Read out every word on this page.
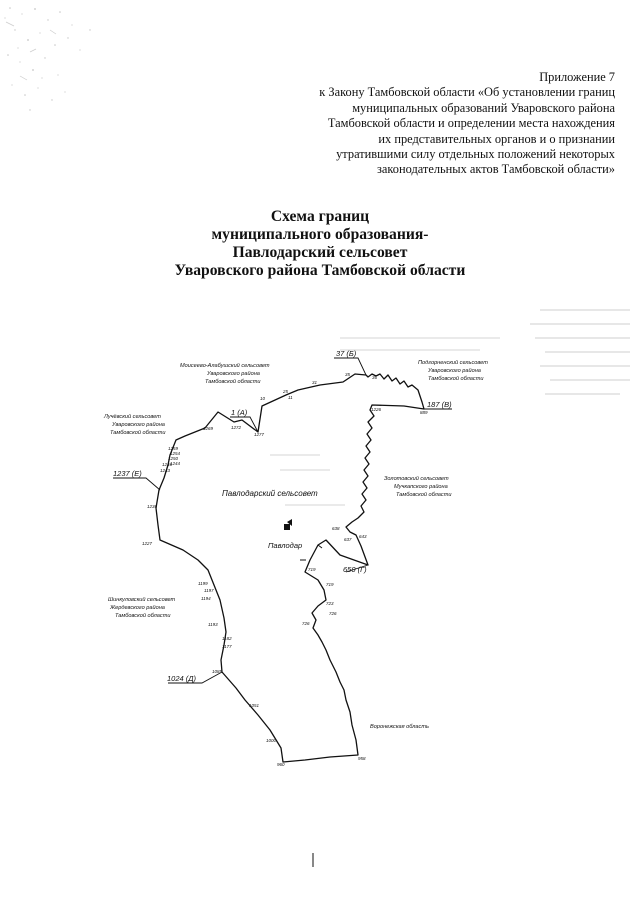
Приложение 7
к Закону Тамбовской области «Об установлении границ
муниципальных образований Уваровского района
Тамбовской области и определении места нахождения
их представительных органов и о признании
утратившими силу отдельных положений некоторых
законодательных актов Тамбовской области»
Схема границ
муниципального образования-
Павлодарский сельсовет
Уваровского района Тамбовской области
1277
1272
1269
1259
1254
1250
1246
1243
1244
1236
1227
1199
1197
1194
1193
1182
1177
1085
1051
1000
960
958
889
1226
637
638
643
719
719
723
726
726
10	11
25
31
35
36
1 (А)
37 (Б)
187 (В)
650 (Г)
1024 (Д)
1237 (Е)
Моисеево-Алабушский сельсовет
Уваровского района
Тамбовской области
Подгорненский сельсовет
Уваровского района
Тамбовской области
Лучёвский сельсовет
Уваровского района
Тамбовской области
Золотовский сельсовет
Мучкапского района
Тамбовской области
Шинкуловский сельсовет
Жердевского района
Тамбовской области
Воронежская область
Павлодарский сельсовет
Павлодар
